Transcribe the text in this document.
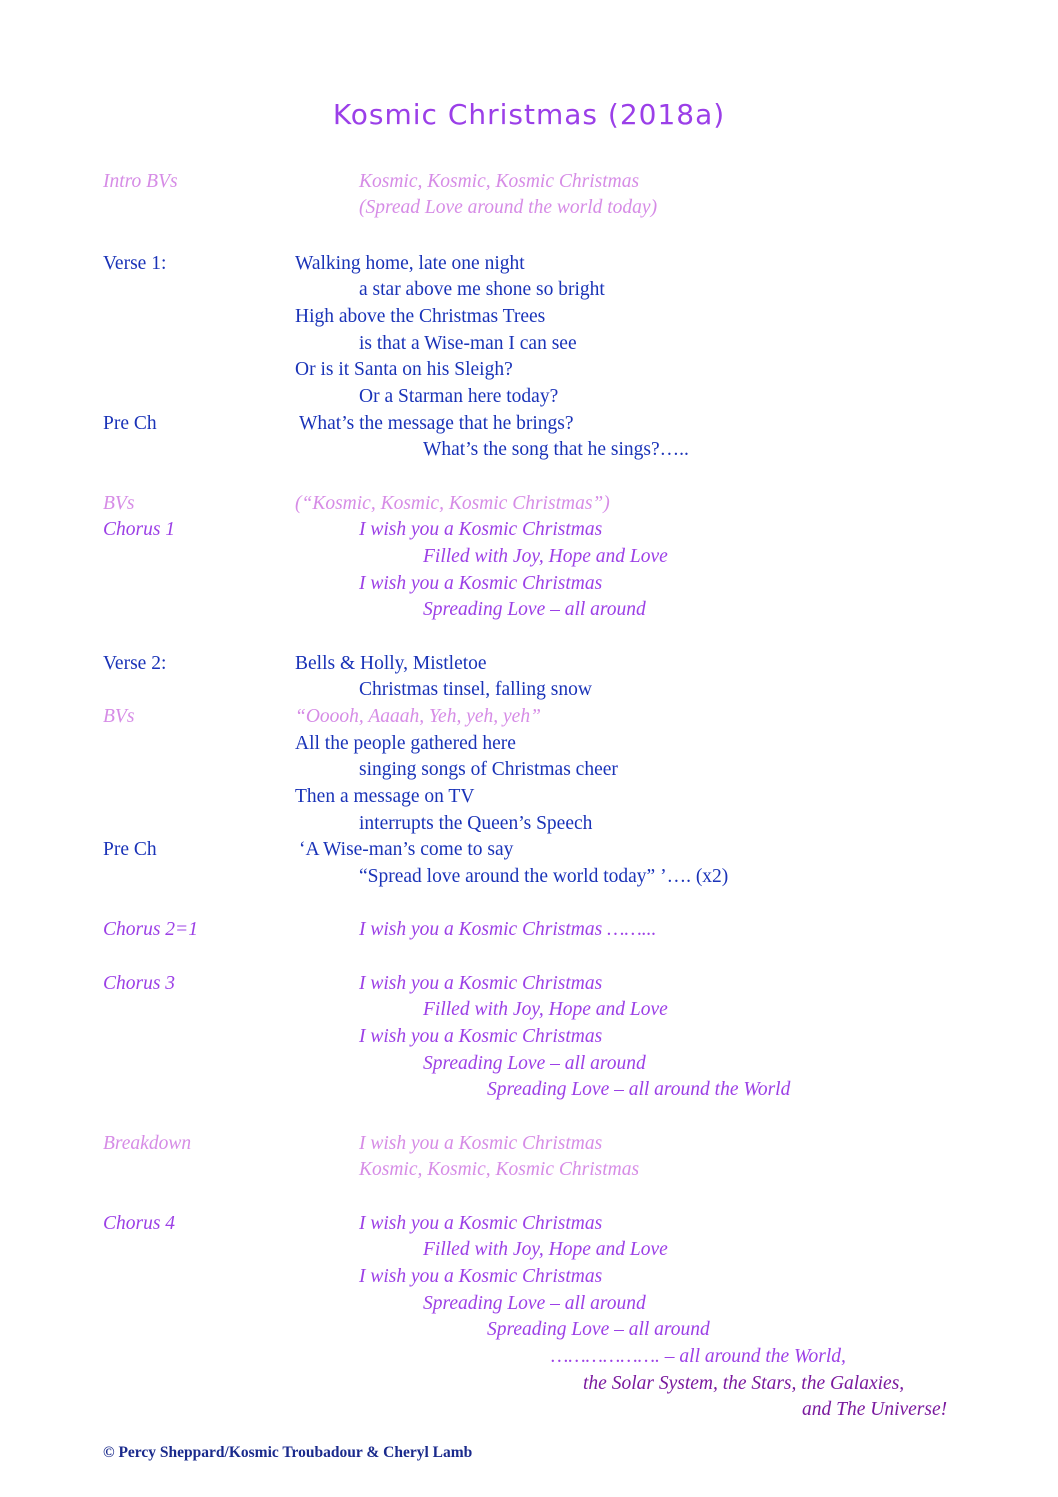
Kosmic Christmas (2018a)
Intro BVs	Kosmic, Kosmic, Kosmic Christmas
(Spread Love around the world today)
Verse 1:	Walking home, late one night
a star above me shone so bright
High above the Christmas Trees
is that a Wise-man I can see
Or is it Santa on his Sleigh?
Or a Starman here today?
Pre Ch	What’s the message that he brings?
What’s the song that he sings?…..
BVs	(“Kosmic, Kosmic, Kosmic Christmas”)
Chorus 1	I wish you a Kosmic Christmas
Filled with Joy, Hope and Love
I wish you a Kosmic Christmas
Spreading Love – all around
Verse 2:	Bells & Holly, Mistletoe
Christmas tinsel, falling snow
BVs	“Ooooh, Aaaah, Yeh, yeh, yeh”
All the people gathered here
singing songs of Christmas cheer
Then a message on TV
interrupts the Queen’s Speech
Pre Ch	‘A Wise-man’s come to say
“Spread love around the world today” ’…. (x2)
Chorus 2=1	I wish you a Kosmic Christmas ……...
Chorus 3	I wish you a Kosmic Christmas
Filled with Joy, Hope and Love
I wish you a Kosmic Christmas
Spreading Love – all around
Spreading Love – all around the World
Breakdown	I wish you a Kosmic Christmas
Kosmic, Kosmic, Kosmic Christmas
Chorus 4	I wish you a Kosmic Christmas
Filled with Joy, Hope and Love
I wish you a Kosmic Christmas
Spreading Love – all around
Spreading Love – all around
………………. – all around the World,
the Solar System, the Stars, the Galaxies,
and The Universe!
© Percy Sheppard/Kosmic Troubadour & Cheryl Lamb
